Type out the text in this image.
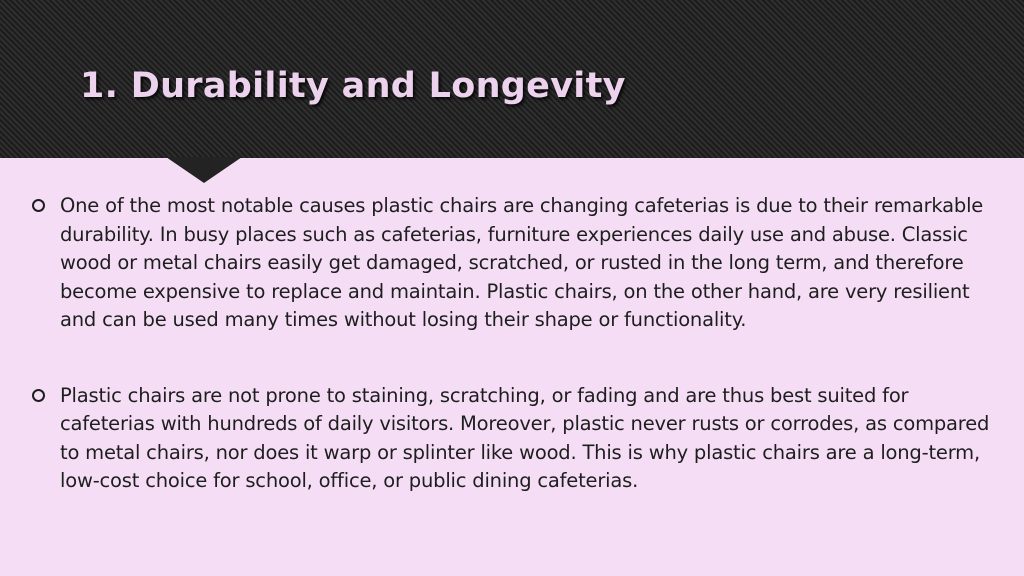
1. Durability and Longevity
One of the most notable causes plastic chairs are changing cafeterias is due to their remarkable durability. In busy places such as cafeterias, furniture experiences daily use and abuse. Classic wood or metal chairs easily get damaged, scratched, or rusted in the long term, and therefore become expensive to replace and maintain. Plastic chairs, on the other hand, are very resilient and can be used many times without losing their shape or functionality.
Plastic chairs are not prone to staining, scratching, or fading and are thus best suited for cafeterias with hundreds of daily visitors. Moreover, plastic never rusts or corrodes, as compared to metal chairs, nor does it warp or splinter like wood. This is why plastic chairs are a long-term, low-cost choice for school, office, or public dining cafeterias.
